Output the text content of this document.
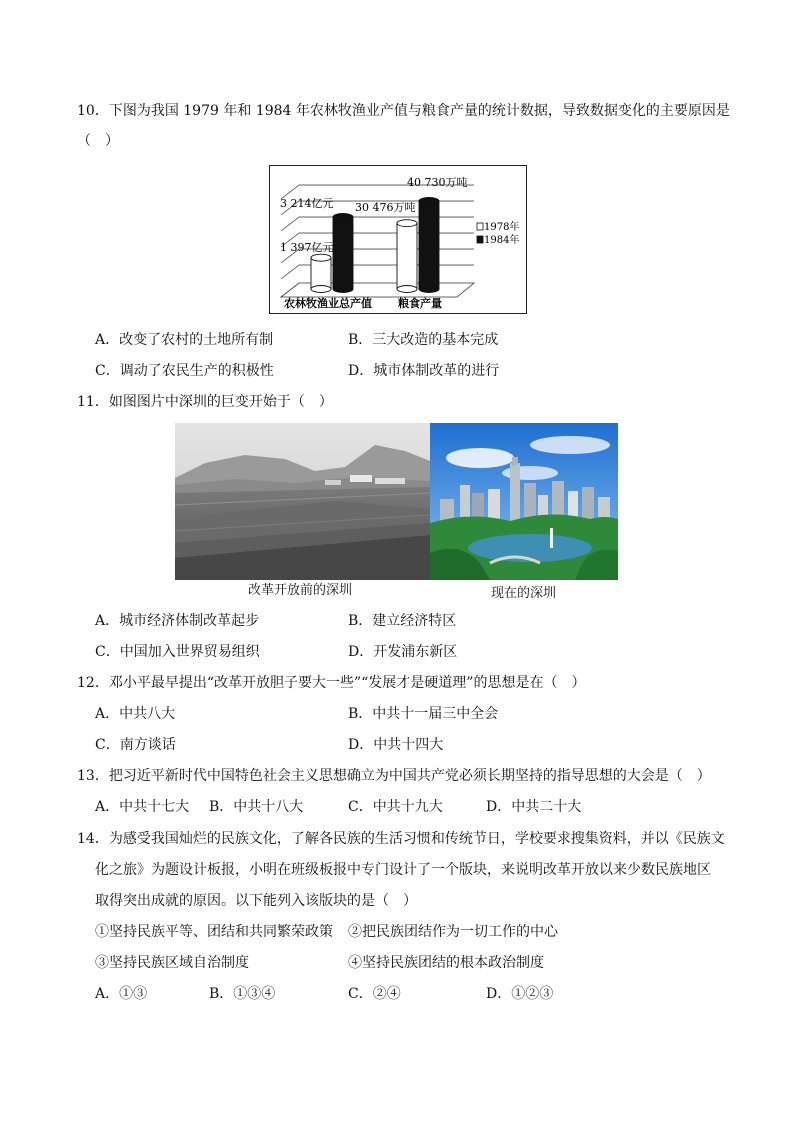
10．下图为我国 1979 年和 1984 年农林牧渔业产值与粮食产量的统计数据，导致数据变化的主要原因是
（　）
1 397亿元
3 214亿元 30 476万吨
40 730万吨
1978年
1984年
农林牧渔业总产值 粮食产量
A．改变了农村的土地所有制	B．三大改造的基本完成
C．调动了农民生产的积极性	D．城市体制改革的进行
11．如图图片中深圳的巨变开始于（　）
改革开放前的深圳	现在的深圳
A．城市经济体制改革起步	B．建立经济特区
C．中国加入世界贸易组织	D．开发浦东新区
12．邓小平最早提出“改革开放胆子要大一些”“发展才是硬道理”的思想是在（　）
A．中共八大	B．中共十一届三中全会
C．南方谈话	D．中共十四大
13．把习近平新时代中国特色社会主义思想确立为中国共产党必须长期坚持的指导思想的大会是（　）
A．中共十七大 B．中共十八大	C．中共十九大	D．中共二十大
14．为感受我国灿烂的民族文化，了解各民族的生活习惯和传统节日，学校要求搜集资料，并以《民族文
化之旅》为题设计板报，小明在班级板报中专门设计了一个版块，来说明改革开放以来少数民族地区
取得突出成就的原因。以下能列入该版块的是（　）
①坚持民族平等、团结和共同繁荣政策 ②把民族团结作为一切工作的中心
③坚持民族区域自治制度	④坚持民族团结的根本政治制度
A．①③	B．①③④	C．②④	D．①②③
